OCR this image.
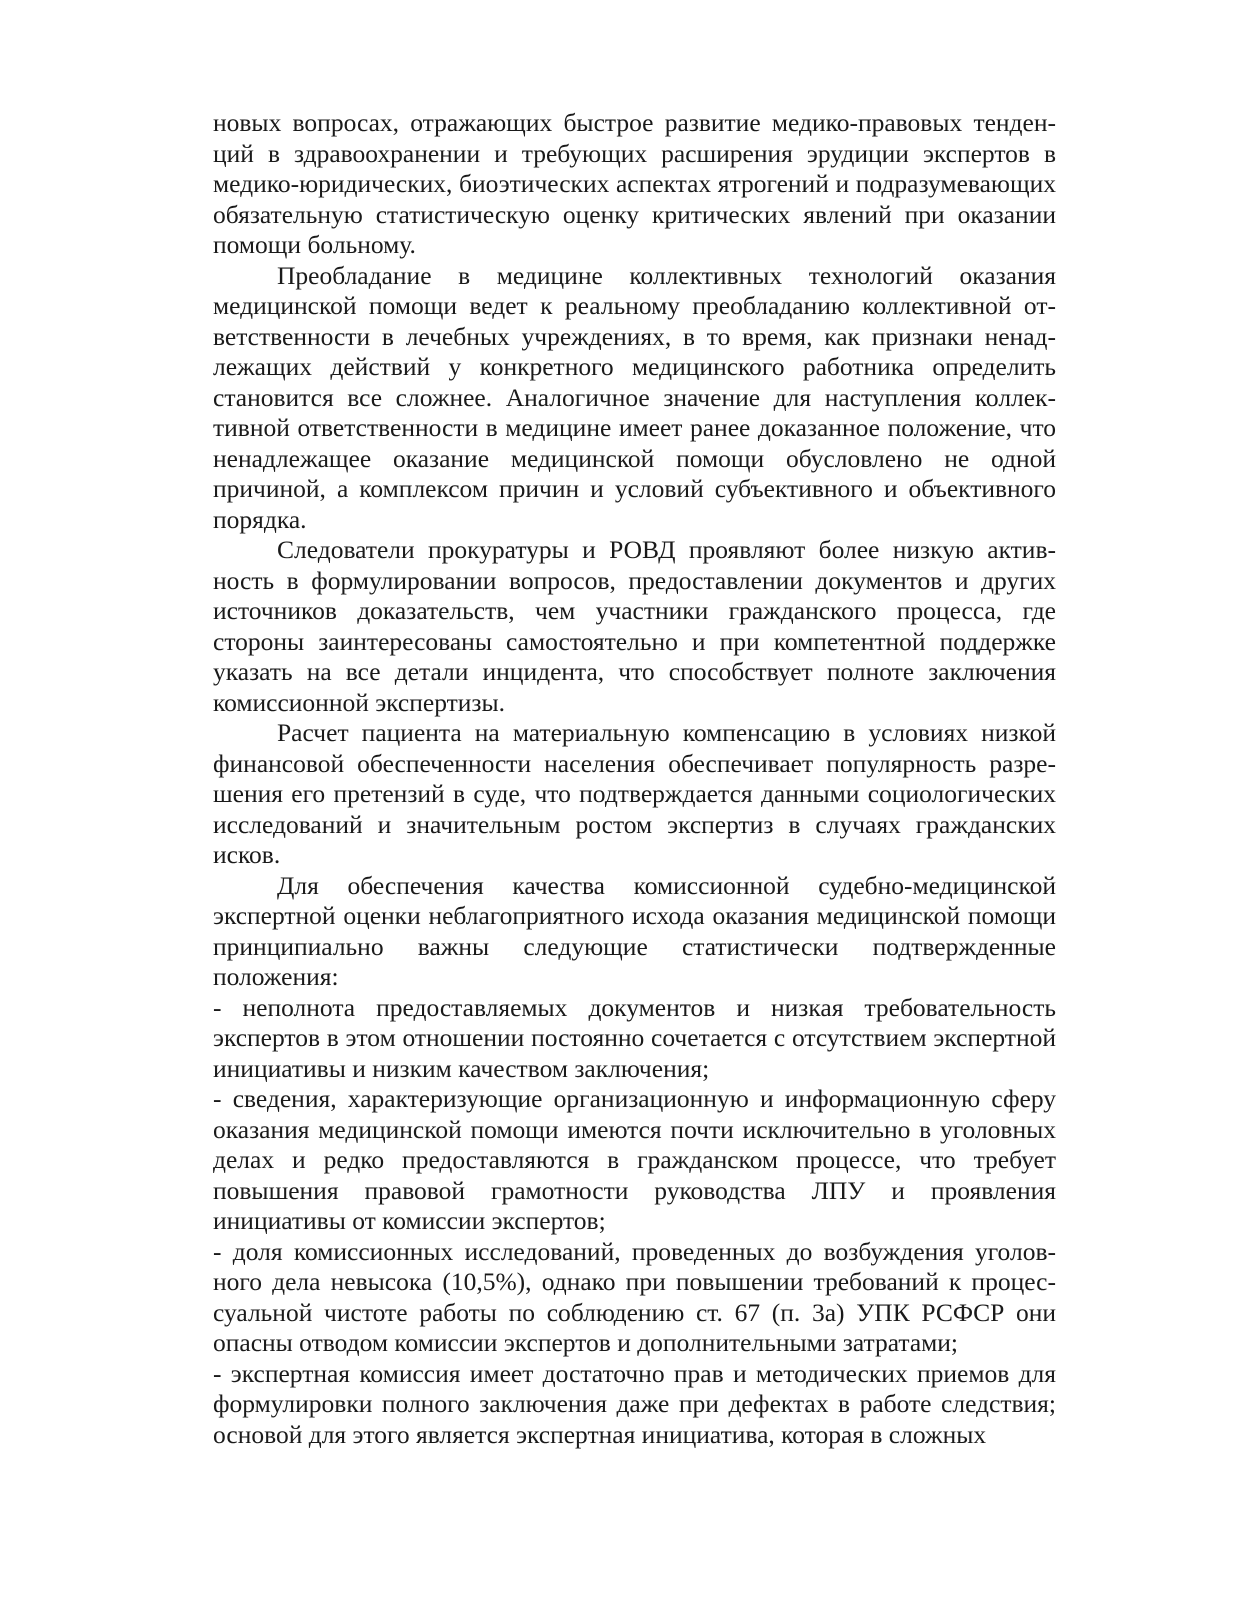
новых вопросах, отражающих быстрое развитие медико-правовых тенденций в здравоохранении и требующих расширения эрудиции экспертов в медико-юридических, биоэтических аспектах ятрогений и подразумевающих обязательную статистическую оценку критических явлений при оказании помощи больному.

Преобладание в медицине коллективных технологий оказания медицинской помощи ведет к реальному преобладанию коллективной ответственности в лечебных учреждениях, в то время, как признаки ненадлежащих действий у конкретного медицинского работника определить становится все сложнее. Аналогичное значение для наступления коллективной ответственности в медицине имеет ранее доказанное положение, что ненадлежащее оказание медицинской помощи обусловлено не одной причиной, а комплексом причин и условий субъективного и объективного порядка.

Следователи прокуратуры и РОВД проявляют более низкую активность в формулировании вопросов, предоставлении документов и других источников доказательств, чем участники гражданского процесса, где стороны заинтересованы самостоятельно и при компетентной поддержке указать на все детали инцидента, что способствует полноте заключения комиссионной экспертизы.

Расчет пациента на материальную компенсацию в условиях низкой финансовой обеспеченности населения обеспечивает популярность разрешения его претензий в суде, что подтверждается данными социологических исследований и значительным ростом экспертиз в случаях гражданских исков.

Для обеспечения качества комиссионной судебно-медицинской экспертной оценки неблагоприятного исхода оказания медицинской помощи принципиально важны следующие статистически подтвержденные положения:

- неполнота предоставляемых документов и низкая требовательность экспертов в этом отношении постоянно сочетается с отсутствием экспертной инициативы и низким качеством заключения;

- сведения, характеризующие организационную и информационную сферу оказания медицинской помощи имеются почти исключительно в уголовных делах и редко предоставляются в гражданском процессе, что требует повышения правовой грамотности руководства ЛПУ и проявления инициативы от комиссии экспертов;

- доля комиссионных исследований, проведенных до возбуждения уголовного дела невысока (10,5%), однако при повышении требований к процессуальной чистоте работы по соблюдению ст. 67 (п. 3а) УПК РСФСР они опасны отводом комиссии экспертов и дополнительными затратами;

- экспертная комиссия имеет достаточно прав и методических приемов для формулировки полного заключения даже при дефектах в работе следствия; основой для этого является экспертная инициатива, которая в сложных
